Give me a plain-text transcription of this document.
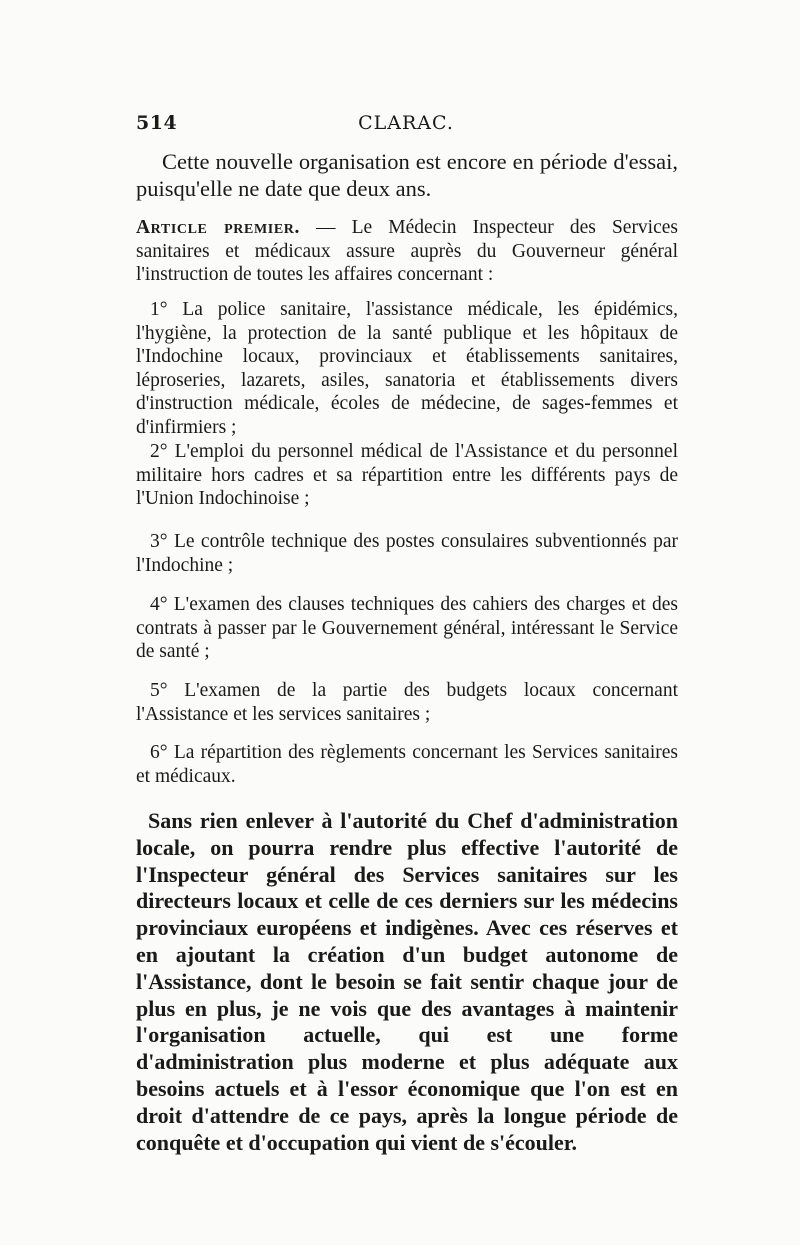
514	CLARAC.

Cette nouvelle organisation est encore en période d'essai, puisqu'elle ne date que deux ans.

Article premier. — Le Médecin Inspecteur des Services sanitaires et médicaux assure auprès du Gouverneur général l'instruction de toutes les affaires concernant :

1° La police sanitaire, l'assistance médicale, les épidémics, l'hygiène, la protection de la santé publique et les hôpitaux de l'Indochine locaux, provinciaux et établissements sanitaires, léproseries, lazarets, asiles, sanatoria et établissements divers d'instruction médicale, écoles de médecine, de sages-femmes et d'infirmiers ;

2° L'emploi du personnel médical de l'Assistance et du personnel militaire hors cadres et sa répartition entre les différents pays de l'Union Indochinoise ;

3° Le contrôle technique des postes consulaires subventionnés par l'Indochine ;

4° L'examen des clauses techniques des cahiers des charges et des contrats à passer par le Gouvernement général, intéressant le Service de santé ;

5° L'examen de la partie des budgets locaux concernant l'Assistance et les services sanitaires ;

6° La répartition des règlements concernant les Services sanitaires et médicaux.

Sans rien enlever à l'autorité du Chef d'administration locale, on pourra rendre plus effective l'autorité de l'Inspecteur général des Services sanitaires sur les directeurs locaux et celle de ces derniers sur les médecins provinciaux européens et indigènes. Avec ces réserves et en ajoutant la création d'un budget autonome de l'Assistance, dont le besoin se fait sentir chaque jour de plus en plus, je ne vois que des avantages à maintenir l'organisation actuelle, qui est une forme d'administration plus moderne et plus adéquate aux besoins actuels et à l'essor économique que l'on est en droit d'attendre de ce pays, après la longue période de conquête et d'occupation qui vient de s'écouler.
